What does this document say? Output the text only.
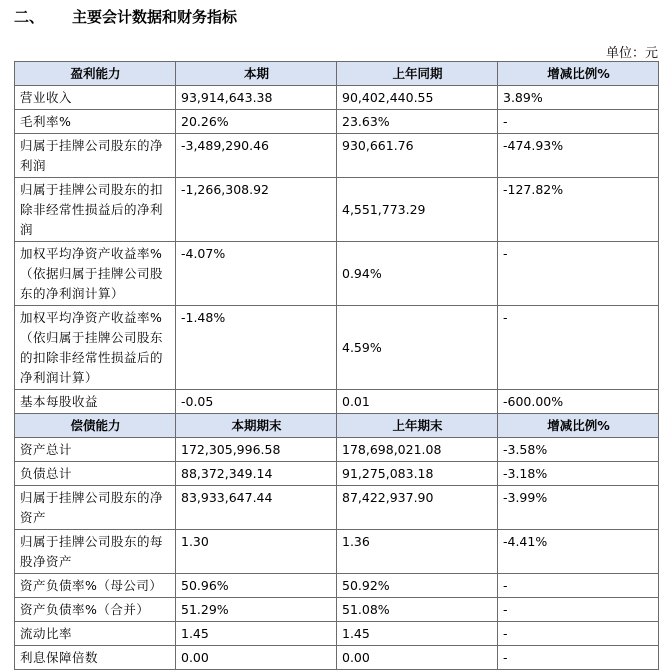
二、 主要会计数据和财务指标
单位：元
盈利能力	本期	上年同期	增减比例%
营业收入	93,914,643.38	90,402,440.55	3.89%
毛利率%	20.26%	23.63%	-
归属于挂牌公司股东的净利润	-3,489,290.46	930,661.76	-474.93%
归属于挂牌公司股东的扣除非经常性损益后的净利润	-1,266,308.92	4,551,773.29	-127.82%
加权平均净资产收益率%（依据归属于挂牌公司股东的净利润计算）	-4.07%	0.94%	-
加权平均净资产收益率%（依归属于挂牌公司股东的扣除非经常性损益后的净利润计算）	-1.48%	4.59%	-
基本每股收益	-0.05	0.01	-600.00%
偿债能力	本期期末	上年期末	增减比例%
资产总计	172,305,996.58	178,698,021.08	-3.58%
负债总计	88,372,349.14	91,275,083.18	-3.18%
归属于挂牌公司股东的净资产	83,933,647.44	87,422,937.90	-3.99%
归属于挂牌公司股东的每股净资产	1.30	1.36	-4.41%
资产负债率%（母公司）	50.96%	50.92%	-
资产负债率%（合并）	51.29%	51.08%	-
流动比率	1.45	1.45	-
利息保障倍数	0.00	0.00	-
